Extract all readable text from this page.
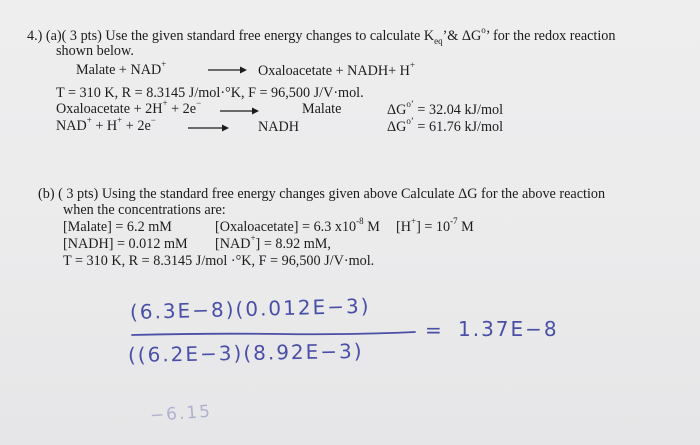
4.) (a)( 3 pts) Use the given standard free energy changes to calculate $K_{eq}’\&$ $\Delta G^o$’ for the redox reaction
shown below.
Malate + NAD+ → Oxaloacetate + NADH+ H+
T = 310 K, R = 8.3145 J/mol·°K, F = 96,500 J/V·mol.
Oxaloacetate + 2H+ + 2e−	Malate	$\Delta G^{o’} = 32.04$ kJ/mol
NAD+ + H+ + 2e−	NADH	$\Delta G^{o’} = 61.76$ kJ/mol
(b) ( 3 pts) Using the standard free energy changes given above Calculate ΔG for the above reaction
when the concentrations are:
[Malate] = 6.2 mM	[Oxaloacetate] = 6.3 $x10^{-8}$ M $[H^+] = 10^{-7}$ M
[NADH] = 0.012 mM [NAD+] = 8.92 mM,
T = 310 K, R = 8.3145 J/mol ·°K, F = 96,500 J/V·mol.
(6.3E−8)(0.012E−3)
((6.2E−3)(8.92E−3)
= 1.37E−8
−6.15
